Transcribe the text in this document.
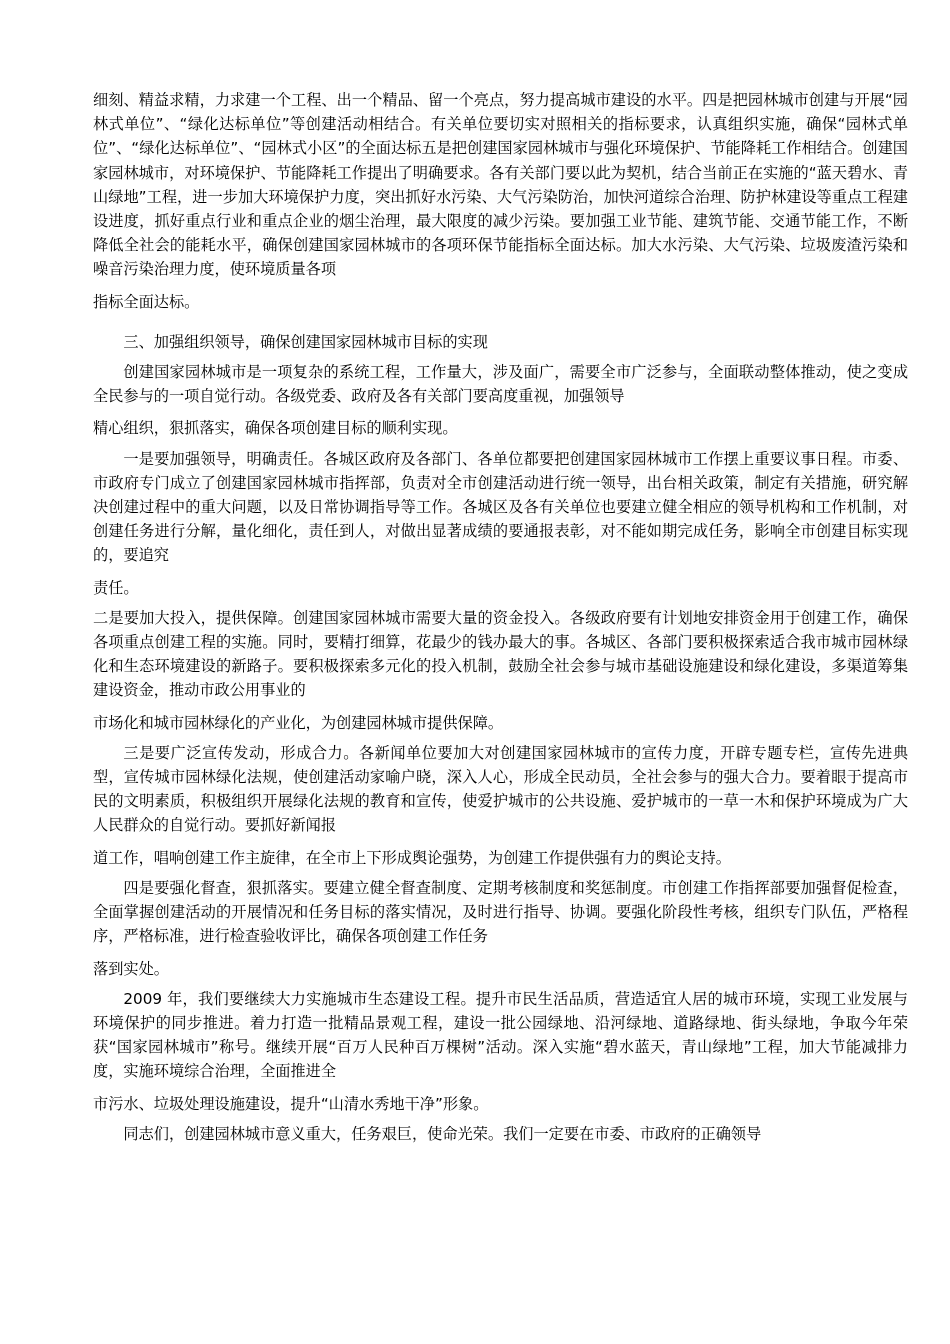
细刻、精益求精，力求建一个工程、出一个精品、留一个亮点，努力提高城市建设的水平。四是把园林城市创建与开展“园林式单位”、“绿化达标单位”等创建活动相结合。有关单位要切实对照相关的指标要求，认真组织实施，确保“园林式单位”、“绿化达标单位”、“园林式小区”的全面达标五是把创建国家园林城市与强化环境保护、节能降耗工作相结合。创建国家园林城市，对环境保护、节能降耗工作提出了明确要求。各有关部门要以此为契机，结合当前正在实施的“蓝天碧水、青山绿地”工程，进一步加大环境保护力度，突出抓好水污染、大气污染防治，加快河道综合治理、防护林建设等重点工程建设进度，抓好重点行业和重点企业的烟尘治理，最大限度的减少污染。要加强工业节能、建筑节能、交通节能工作，不断降低全社会的能耗水平，确保创建国家园林城市的各项环保节能指标全面达标。加大水污染、大气污染、垃圾废渣污染和噪音污染治理力度，使环境质量各项

指标全面达标。

三、加强组织领导，确保创建国家园林城市目标的实现

创建国家园林城市是一项复杂的系统工程，工作量大，涉及面广，需要全市广泛参与，全面联动整体推动，使之变成全民参与的一项自觉行动。各级党委、政府及各有关部门要高度重视，加强领导

精心组织，狠抓落实，确保各项创建目标的顺利实现。

一是要加强领导，明确责任。各城区政府及各部门、各单位都要把创建国家园林城市工作摆上重要议事日程。市委、市政府专门成立了创建国家园林城市指挥部，负责对全市创建活动进行统一领导，出台相关政策，制定有关措施，研究解决创建过程中的重大问题，以及日常协调指导等工作。各城区及各有关单位也要建立健全相应的领导机构和工作机制，对创建任务进行分解，量化细化，责任到人，对做出显著成绩的要通报表彰，对不能如期完成任务，影响全市创建目标实现的，要追究

责任。

二是要加大投入，提供保障。创建国家园林城市需要大量的资金投入。各级政府要有计划地安排资金用于创建工作，确保各项重点创建工程的实施。同时，要精打细算，花最少的钱办最大的事。各城区、各部门要积极探索适合我市城市园林绿化和生态环境建设的新路子。要积极探索多元化的投入机制，鼓励全社会参与城市基础设施建设和绿化建设，多渠道筹集建设资金，推动市政公用事业的

市场化和城市园林绿化的产业化，为创建园林城市提供保障。

三是要广泛宣传发动，形成合力。各新闻单位要加大对创建国家园林城市的宣传力度，开辟专题专栏，宣传先进典型，宣传城市园林绿化法规，使创建活动家喻户晓，深入人心，形成全民动员，全社会参与的强大合力。要着眼于提高市民的文明素质，积极组织开展绿化法规的教育和宣传，使爱护城市的公共设施、爱护城市的一草一木和保护环境成为广大人民群众的自觉行动。要抓好新闻报

道工作，唱响创建工作主旋律，在全市上下形成舆论强势，为创建工作提供强有力的舆论支持。

四是要强化督查，狠抓落实。要建立健全督查制度、定期考核制度和奖惩制度。市创建工作指挥部要加强督促检查，全面掌握创建活动的开展情况和任务目标的落实情况，及时进行指导、协调。要强化阶段性考核，组织专门队伍，严格程序，严格标准，进行检查验收评比，确保各项创建工作任务

落到实处。

2009 年，我们要继续大力实施城市生态建设工程。提升市民生活品质，营造适宜人居的城市环境，实现工业发展与环境保护的同步推进。着力打造一批精品景观工程，建设一批公园绿地、沿河绿地、道路绿地、街头绿地，争取今年荣获“国家园林城市”称号。继续开展“百万人民种百万棵树”活动。深入实施“碧水蓝天，青山绿地”工程，加大节能减排力度，实施环境综合治理，全面推进全

市污水、垃圾处理设施建设，提升“山清水秀地干净”形象。

同志们，创建园林城市意义重大，任务艰巨，使命光荣。我们一定要在市委、市政府的正确领导
